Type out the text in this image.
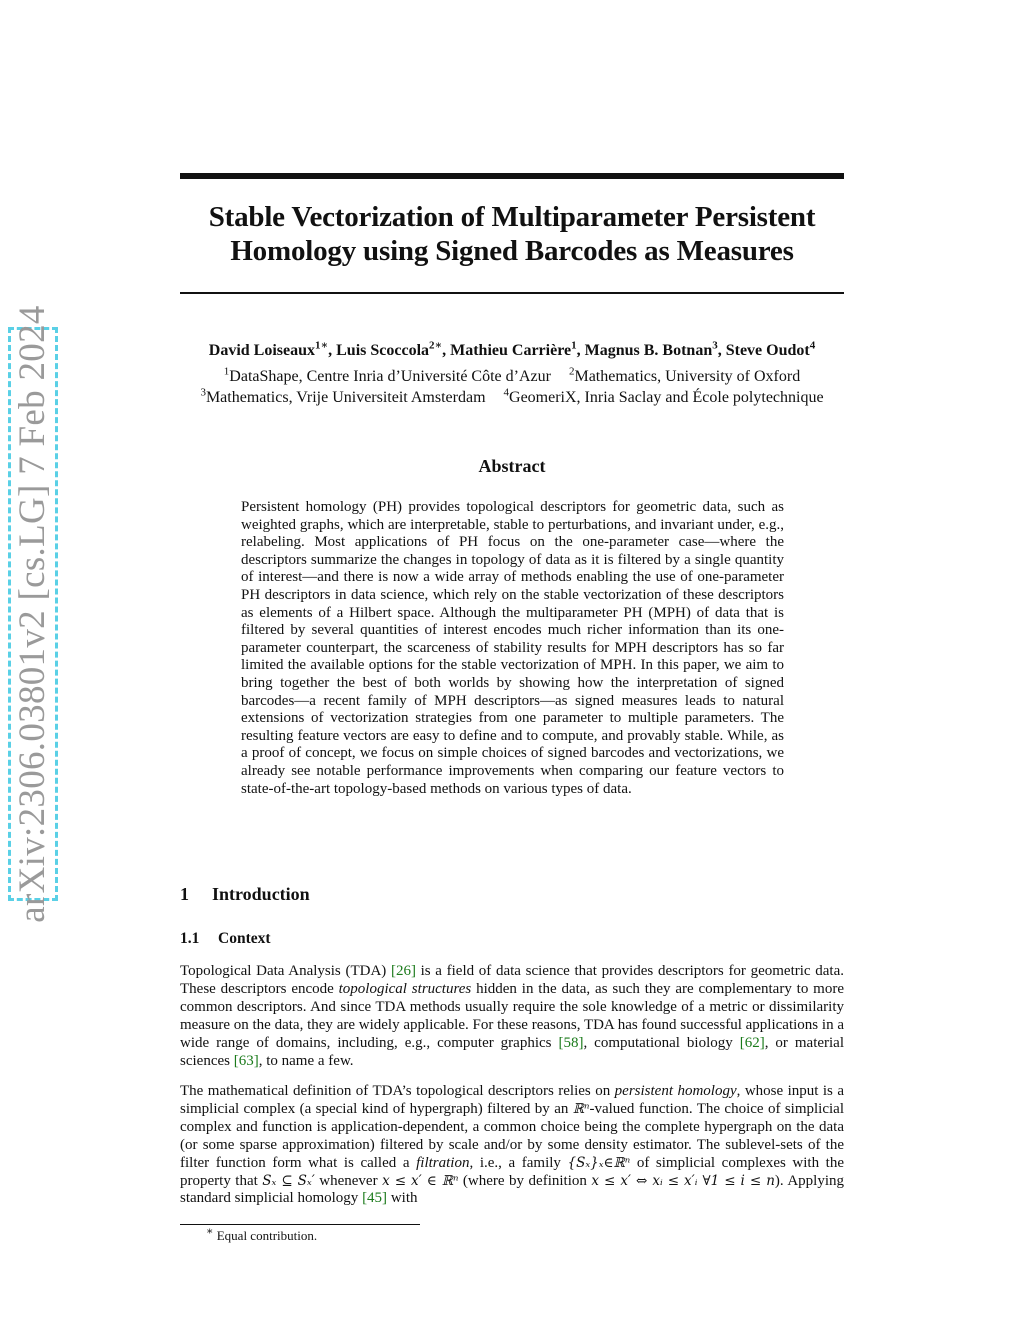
arXiv:2306.03801v2 [cs.LG] 7 Feb 2024
Stable Vectorization of Multiparameter Persistent Homology using Signed Barcodes as Measures
David Loiseaux$^{1∗}$, Luis Scoccola$^{2∗}$, Mathieu Carrière$^1$, Magnus B. Botnan$^3$, Steve Oudot$^4$
$^1$DataShape, Centre Inria d’Université Côte d’Azur $^2$Mathematics, University of Oxford
$^3$Mathematics, Vrije Universiteit Amsterdam $^4$GeomeriX, Inria Saclay and École polytechnique
Abstract
Persistent homology (PH) provides topological descriptors for geometric data, such as weighted graphs, which are interpretable, stable to perturbations, and invariant under, e.g., relabeling. Most applications of PH focus on the one-parameter case—where the descriptors summarize the changes in topology of data as it is filtered by a single quantity of interest—and there is now a wide array of methods enabling the use of one-parameter PH descriptors in data science, which rely on the stable vectorization of these descriptors as elements of a Hilbert space. Although the multiparameter PH (MPH) of data that is filtered by several quantities of interest encodes much richer information than its one-parameter counterpart, the scarceness of stability results for MPH descriptors has so far limited the available options for the stable vectorization of MPH. In this paper, we aim to bring together the best of both worlds by showing how the interpretation of signed barcodes—a recent family of MPH descriptors—as signed measures leads to natural extensions of vectorization strategies from one parameter to multiple parameters. The resulting feature vectors are easy to define and to compute, and provably stable. While, as a proof of concept, we focus on simple choices of signed barcodes and vectorizations, we already see notable performance improvements when comparing our feature vectors to state-of-the-art topology-based methods on various types of data.
1 Introduction
1.1 Context
Topological Data Analysis (TDA) [26] is a field of data science that provides descriptors for geometric data. These descriptors encode topological structures hidden in the data, as such they are complementary to more common descriptors. And since TDA methods usually require the sole knowledge of a metric or dissimilarity measure on the data, they are widely applicable. For these reasons, TDA has found successful applications in a wide range of domains, including, e.g., computer graphics [58], computational biology [62], or material sciences [63], to name a few.
The mathematical definition of TDA’s topological descriptors relies on persistent homology, whose input is a simplicial complex (a special kind of hypergraph) filtered by an ℝⁿ-valued function. The choice of simplicial complex and function is application-dependent, a common choice being the complete hypergraph on the data (or some sparse approximation) filtered by scale and/or by some density estimator. The sublevel-sets of the filter function form what is called a filtration, i.e., a family {Sₓ}ₓ∈ℝⁿ of simplicial complexes with the property that Sₓ ⊆ Sₓ′ whenever x ≤ x′ ∈ ℝⁿ (where by definition x ≤ x′ ⇔ xᵢ ≤ x′ᵢ ∀1 ≤ i ≤ n). Applying standard simplicial homology [45] with
∗ Equal contribution.
